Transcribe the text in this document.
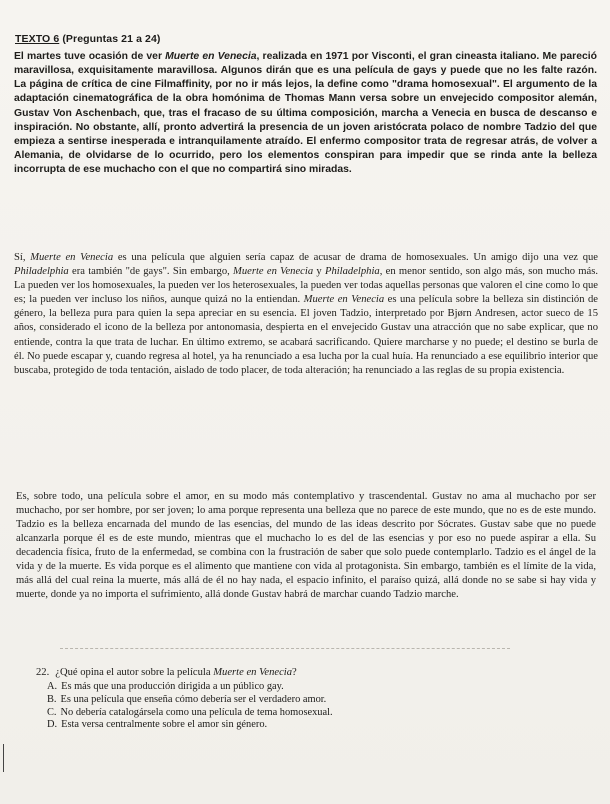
TEXTO 6 (Preguntas 21 a 24)

El martes tuve ocasión de ver Muerte en Venecia, realizada en 1971 por Visconti, el gran cineasta italiano. Me pareció maravillosa, exquisitamente maravillosa. Algunos dirán que es una película de gays y puede que no les falte razón. La página de crítica de cine Filmaffinity, por no ir más lejos, la define como "drama homosexual". El argumento de la adaptación cinematográfica de la obra homónima de Thomas Mann versa sobre un envejecido compositor alemán, Gustav Von Aschenbach, que, tras el fracaso de su última composición, marcha a Venecia en busca de descanso e inspiración. No obstante, allí, pronto advertirá la presencia de un joven aristócrata polaco de nombre Tadzio del que empieza a sentirse inesperada e intranquilamente atraído. El enfermo compositor trata de regresar atrás, de volver a Alemania, de olvidarse de lo ocurrido, pero los elementos conspiran para impedir que se rinda ante la belleza incorrupta de ese muchacho con el que no compartirá sino miradas.

Sí, Muerte en Venecia es una película que alguien sería capaz de acusar de drama de homosexuales. Un amigo dijo una vez que Philadelphia era también "de gays". Sin embargo, Muerte en Venecia y Philadelphia, en menor sentido, son algo más, son mucho más. La pueden ver los homosexuales, la pueden ver los heterosexuales, la pueden ver todas aquellas personas que valoren el cine como lo que es; la pueden ver incluso los niños, aunque quizá no la entiendan. Muerte en Venecia es una película sobre la belleza sin distinción de género, la belleza pura para quien la sepa apreciar en su esencia. El joven Tadzio, interpretado por Bjørn Andresen, actor sueco de 15 años, considerado el icono de la belleza por antonomasia, despierta en el envejecido Gustav una atracción que no sabe explicar, que no entiende, contra la que trata de luchar. En último extremo, se acabará sacrificando. Quiere marcharse y no puede; el destino se burla de él. No puede escapar y, cuando regresa al hotel, ya ha renunciado a esa lucha por la cual huía. Ha renunciado a ese equilibrio interior que buscaba, protegido de toda tentación, aislado de todo placer, de toda alteración; ha renunciado a las reglas de su propia existencia.

Es, sobre todo, una película sobre el amor, en su modo más contemplativo y trascendental. Gustav no ama al muchacho por ser muchacho, por ser hombre, por ser joven; lo ama porque representa una belleza que no parece de este mundo, que no es de este mundo. Tadzio es la belleza encarnada del mundo de las esencias, del mundo de las ideas descrito por Sócrates. Gustav sabe que no puede alcanzarla porque él es de este mundo, mientras que el muchacho lo es del de las esencias y por eso no puede aspirar a ella. Su decadencia física, fruto de la enfermedad, se combina con la frustración de saber que solo puede contemplarlo. Tadzio es el ángel de la vida y de la muerte. Es vida porque es el alimento que mantiene con vida al protagonista. Sin embargo, también es el límite de la vida, más allá del cual reina la muerte, más allá de él no hay nada, el espacio infinito, el paraíso quizá, allá donde no se sabe si hay vida y muerte, donde ya no importa el sufrimiento, allá donde Gustav habrá de marchar cuando Tadzio marche.

22. ¿Qué opina el autor sobre la película Muerte en Venecia?

A. Es más que una producción dirigida a un público gay.
B. Es una película que enseña cómo debería ser el verdadero amor.
C. No debería catalogársela como una película de tema homosexual.
D. Esta versa centralmente sobre el amor sin género.
